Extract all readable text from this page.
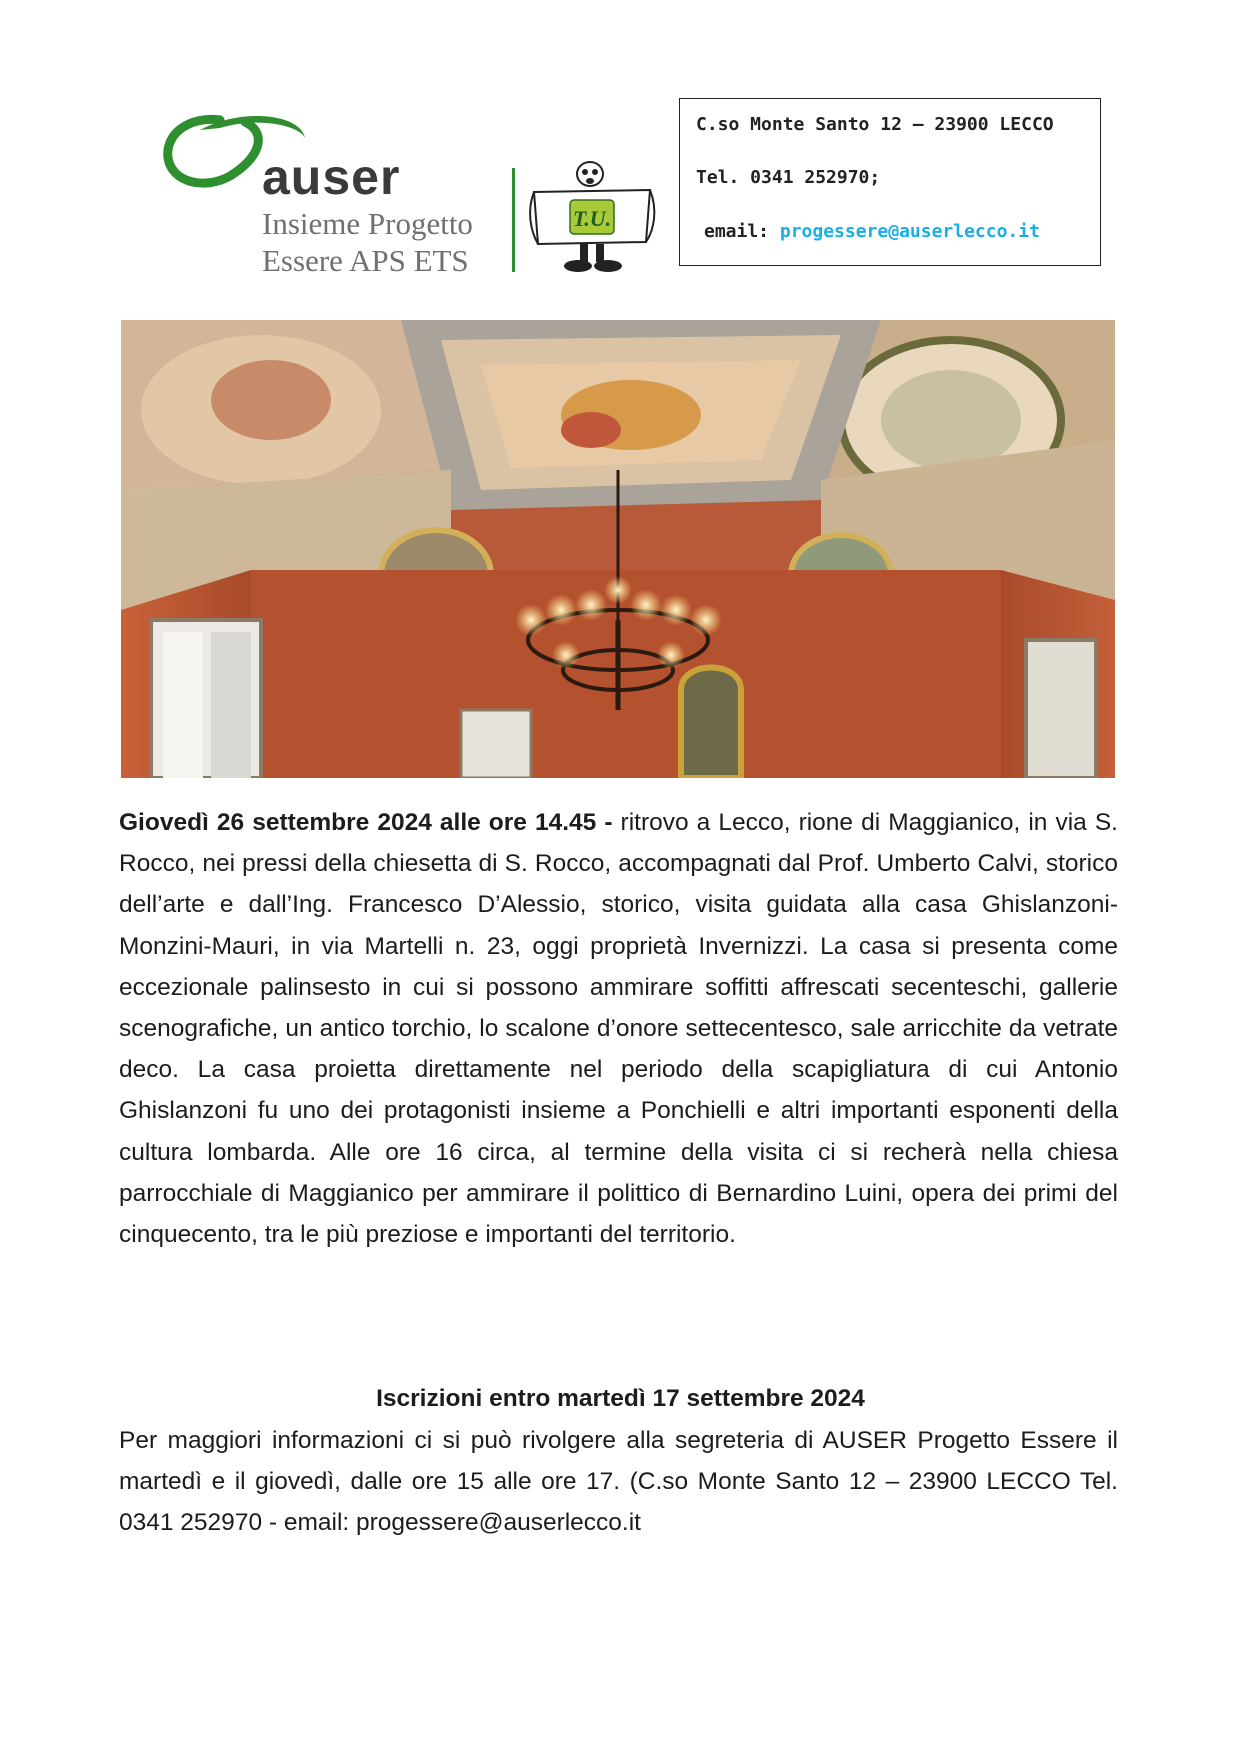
auser
Insieme Progetto
Essere APS ETS
T.U.
C.so Monte Santo 12 – 23900 LECCO
Tel. 0341 252970;
email: progessere@auserlecco.it
Giovedì 26 settembre 2024 alle ore 14.45 - ritrovo a Lecco, rione di Maggianico, in via S. Rocco, nei pressi della chiesetta di S. Rocco, accompagnati dal Prof. Umberto Calvi, storico dell’arte e dall’Ing. Francesco D’Alessio, storico, visita guidata alla casa Ghislanzoni-Monzini-Mauri, in via Martelli n. 23, oggi proprietà Invernizzi. La casa si presenta come eccezionale palinsesto in cui si possono ammirare soffitti affrescati secenteschi, gallerie scenografiche, un antico torchio, lo scalone d’onore settecentesco, sale arricchite da vetrate deco. La casa proietta direttamente nel periodo della scapigliatura di cui Antonio Ghislanzoni fu uno dei protagonisti insieme a Ponchielli e altri importanti esponenti della cultura lombarda. Alle ore 16 circa, al termine della visita ci si recherà nella chiesa parrocchiale di Maggianico per ammirare il polittico di Bernardino Luini, opera dei primi del cinquecento, tra le più preziose e importanti del territorio.
Iscrizioni entro martedì 17 settembre 2024
Per maggiori informazioni ci si può rivolgere alla segreteria di AUSER Progetto Essere il martedì e il giovedì, dalle ore 15 alle ore 17. (C.so Monte Santo 12 – 23900 LECCO Tel. 0341 252970 - email: progessere@auserlecco.it
